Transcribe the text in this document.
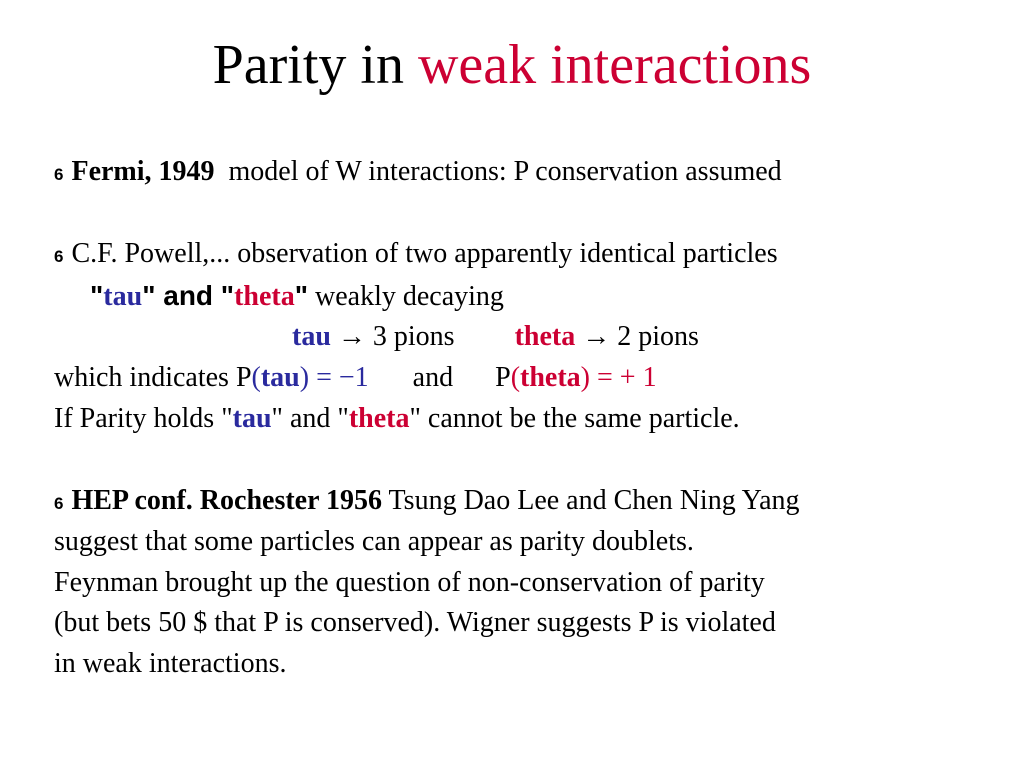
Parity in weak interactions
6 Fermi, 1949  model of W interactions: P conservation assumed
6 C.F. Powell,... observation of two apparently identical particles
"tau" and "theta" weakly decaying
tau → 3 pions theta → 2 pions
which indicates P(tau) = −1 and P(theta) = + 1
If Parity holds "tau" and "theta" cannot be the same particle.
6 HEP conf. Rochester 1956 Tsung Dao Lee and Chen Ning Yang
suggest that some particles can appear as parity doublets.
Feynman brought up the question of non-conservation of parity
(but bets 50 $ that P is conserved). Wigner suggests P is violated
in weak interactions.
